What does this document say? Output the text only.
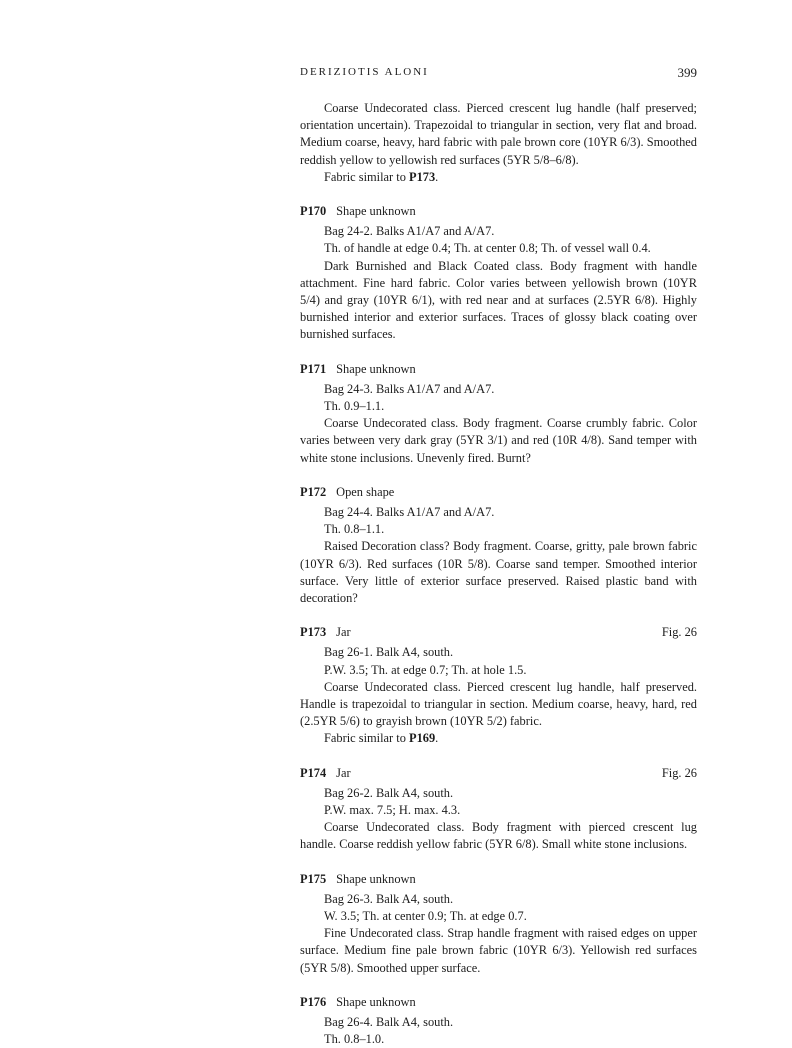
DERIZIOTIS ALONI	399

Coarse Undecorated class. Pierced crescent lug handle (half preserved; orientation uncertain). Trapezoidal to triangular in section, very flat and broad. Medium coarse, heavy, hard fabric with pale brown core (10YR 6/3). Smoothed reddish yellow to yellowish red surfaces (5YR 5/8–6/8).

Fabric similar to P173.

P170 Shape unknown

Bag 24-2. Balks A1/A7 and A/A7.

Th. of handle at edge 0.4; Th. at center 0.8; Th. of vessel wall 0.4.

Dark Burnished and Black Coated class. Body fragment with handle attachment. Fine hard fabric. Color varies between yellowish brown (10YR 5/4) and gray (10YR 6/1), with red near and at surfaces (2.5YR 6/8). Highly burnished interior and exterior surfaces. Traces of glossy black coating over burnished surfaces.

P171 Shape unknown

Bag 24-3. Balks A1/A7 and A/A7.

Th. 0.9–1.1.

Coarse Undecorated class. Body fragment. Coarse crumbly fabric. Color varies between very dark gray (5YR 3/1) and red (10R 4/8). Sand temper with white stone inclusions. Unevenly fired. Burnt?

P172 Open shape

Bag 24-4. Balks A1/A7 and A/A7.

Th. 0.8–1.1.

Raised Decoration class? Body fragment. Coarse, gritty, pale brown fabric (10YR 6/3). Red surfaces (10R 5/8). Coarse sand temper. Smoothed interior surface. Very little of exterior surface preserved. Raised plastic band with decoration?

P173 Jar	Fig. 26

Bag 26-1. Balk A4, south.

P.W. 3.5; Th. at edge 0.7; Th. at hole 1.5.

Coarse Undecorated class. Pierced crescent lug handle, half preserved. Handle is trapezoidal to triangular in section. Medium coarse, heavy, hard, red (2.5YR 5/6) to grayish brown (10YR 5/2) fabric.

Fabric similar to P169.

P174 Jar	Fig. 26

Bag 26-2. Balk A4, south.

P.W. max. 7.5; H. max. 4.3.

Coarse Undecorated class. Body fragment with pierced crescent lug handle. Coarse reddish yellow fabric (5YR 6/8). Small white stone inclusions.

P175 Shape unknown

Bag 26-3. Balk A4, south.

W. 3.5; Th. at center 0.9; Th. at edge 0.7.

Fine Undecorated class. Strap handle fragment with raised edges on upper surface. Medium fine pale brown fabric (10YR 6/3). Yellowish red surfaces (5YR 5/8). Smoothed upper surface.

P176 Shape unknown

Bag 26-4. Balk A4, south.

Th. 0.8–1.0.
